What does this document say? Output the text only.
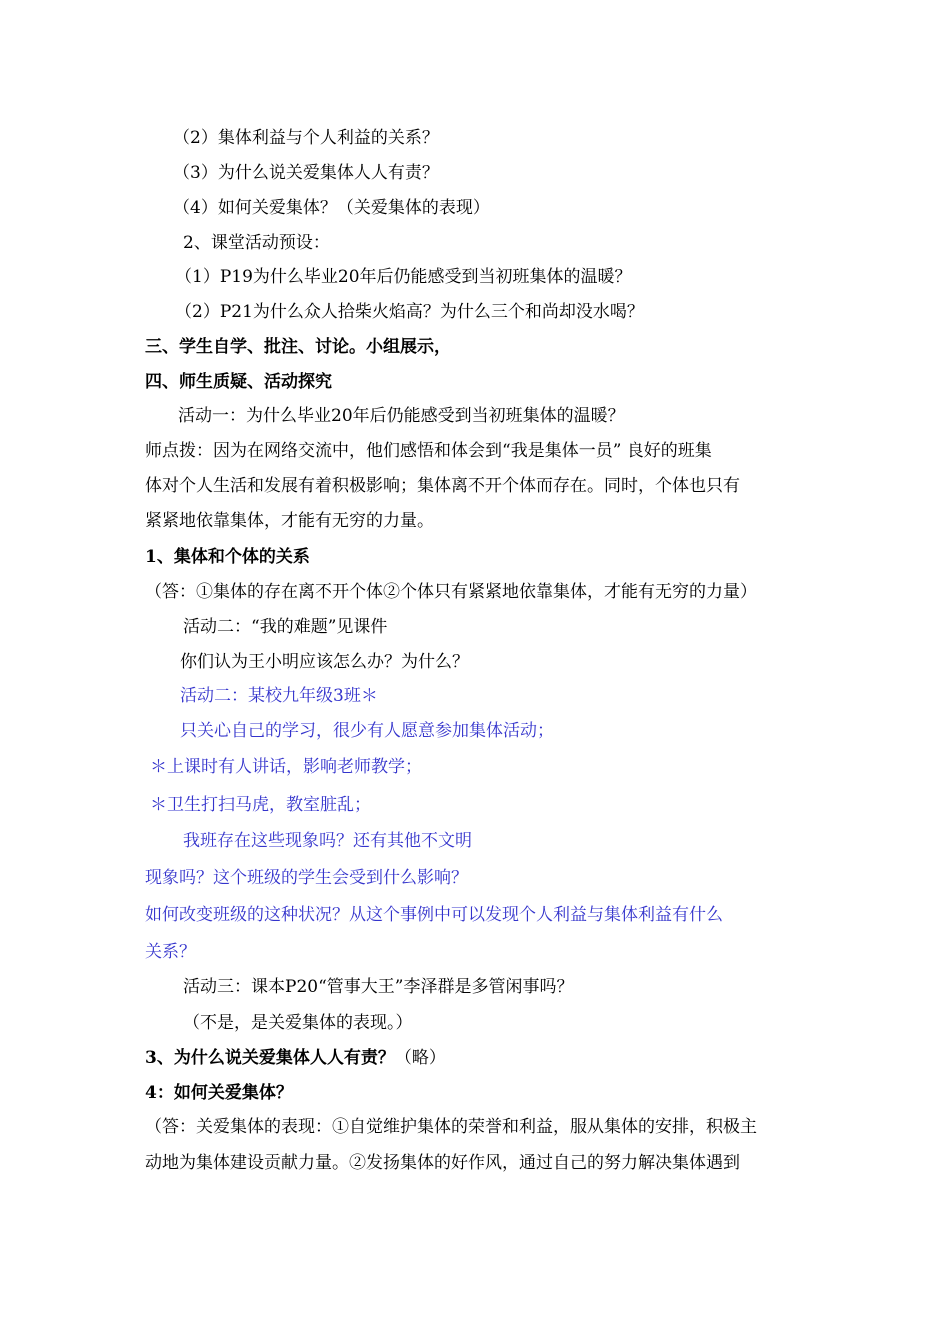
（2）集体利益与个人利益的关系？
（3）为什么说关爱集体人人有责？
（4）如何关爱集体？（关爱集体的表现）
2、课堂活动预设：
（1）P19为什么毕业20年后仍能感受到当初班集体的温暖？
（2）P21为什么众人拾柴火焰高？为什么三个和尚却没水喝？
三、学生自学、批注、讨论。小组展示，
四、师生质疑、活动探究
活动一：为什么毕业20年后仍能感受到当初班集体的温暖？
师点拨：因为在网络交流中，他们感悟和体会到“我是集体一员” 良好的班集
体对个人生活和发展有着积极影响；集体离不开个体而存在。同时，个体也只有
紧紧地依靠集体，才能有无穷的力量。
1、集体和个体的关系
（答：①集体的存在离不开个体②个体只有紧紧地依靠集体，才能有无穷的力量）
活动二：“我的难题”见课件
你们认为王小明应该怎么办？为什么？
活动二：某校九年级3班＊
只关心自己的学习，很少有人愿意参加集体活动；
＊上课时有人讲话，影响老师教学；
＊卫生打扫马虎，教室脏乱；
我班存在这些现象吗？还有其他不文明
现象吗？这个班级的学生会受到什么影响？
如何改变班级的这种状况？从这个事例中可以发现个人利益与集体利益有什么
关系？
活动三：课本P20“管事大王”李泽群是多管闲事吗？
（不是，是关爱集体的表现。）
3、为什么说关爱集体人人有责？（略）
4：如何关爱集体？
（答：关爱集体的表现：①自觉维护集体的荣誉和利益，服从集体的安排，积极主
动地为集体建设贡献力量。②发扬集体的好作风，通过自己的努力解决集体遇到
